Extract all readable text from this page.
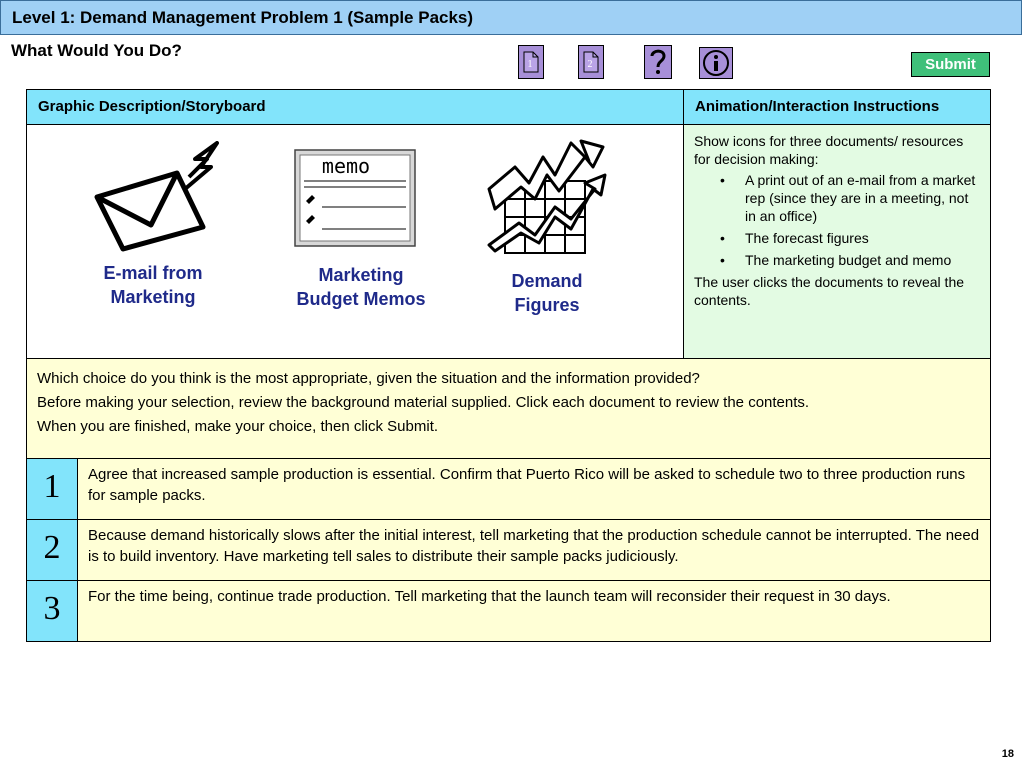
Level 1: Demand Management Problem 1 (Sample Packs)
What Would You Do?
1	2	Submit
Graphic Description/Storyboard	Animation/Interaction Instructions
E-mail from Marketing
memo
Marketing Budget Memos
Demand Figures

Show icons for three documents/ resources for decision making:

• A print out of an e-mail from a market rep (since they are in a meeting, not in an office)
• The forecast figures
• The marketing budget and memo

The user clicks the documents to reveal the contents.

Which choice do you think is the most appropriate, given the situation and the information provided?

Before making your selection, review the background material supplied. Click each document to review the contents.

When you are finished, make your choice, then click Submit.

1	Agree that increased sample production is essential. Confirm that Puerto Rico will be asked to schedule two to three production runs for sample packs.

2	Because demand historically slows after the initial interest, tell marketing that the production schedule cannot be interrupted. The need is to build inventory. Have marketing tell sales to distribute their sample packs judiciously.

3	For the time being, continue trade production. Tell marketing that the launch team will reconsider their request in 30 days.

18
